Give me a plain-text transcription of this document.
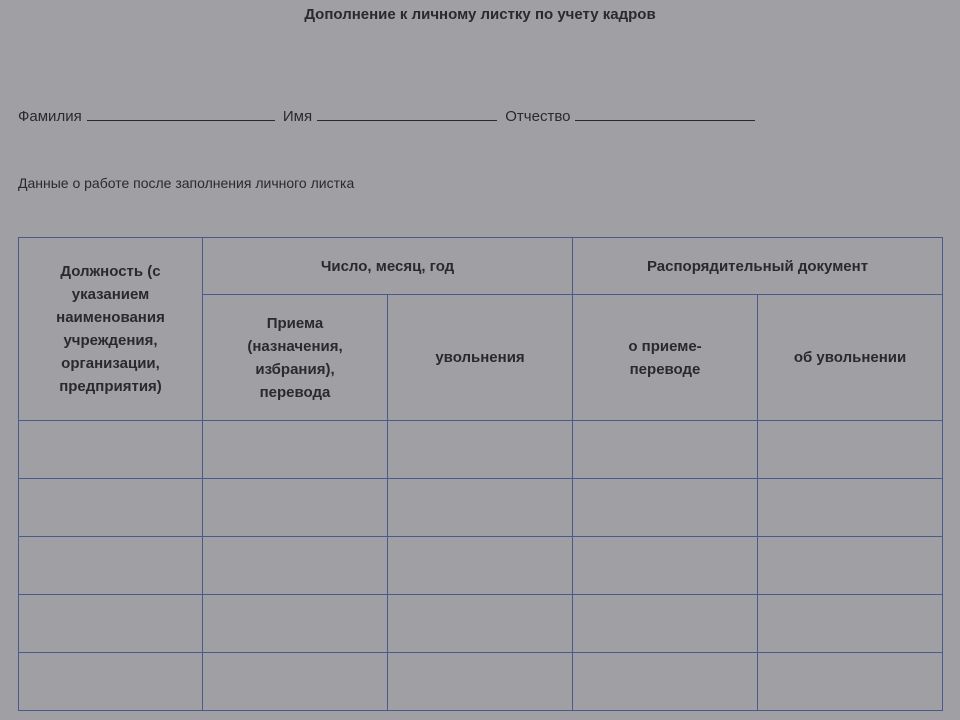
Дополнение к личному листку по учету кадров
Фамилия	Имя	Отчество
Данные о работе после заполнения личного листка
Должность (с указанием наименования учреждения, организации, предприятия)	Число, месяц, год		Распорядительный документ	
	Приема (назначения, избрания), перевода	увольнения	о приеме-переводе	об увольнении
